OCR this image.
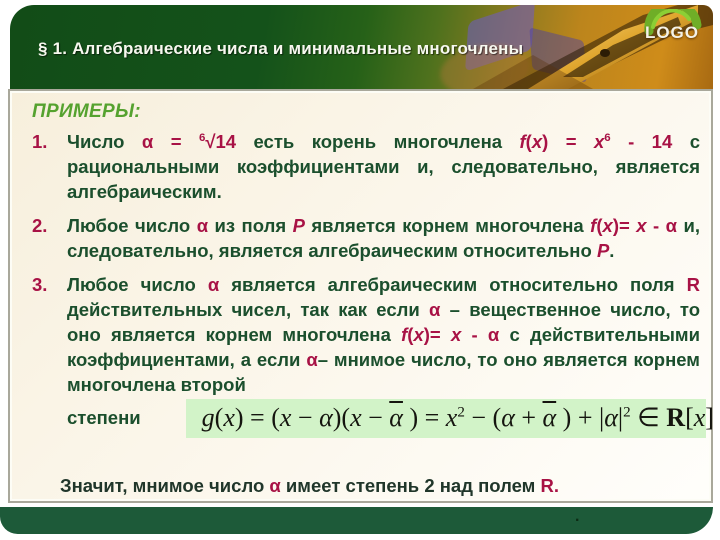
LOGO
§ 1. Алгебраические числа и минимальные многочлены
ПРИМЕРЫ:
1. Число α = $^6$√14 есть корень многочлена $f(x) = x^6 - 14$ с рациональными коэффициентами и, следовательно, является алгебраическим.
2. Любое число α из поля P является корнем многочлена f(x)= x - α и, следовательно, является алгебраическим относительно P.
3. Любое число α является алгебраическим относительно поля R действительных чисел, так как если α – вещественное число, то оно является корнем многочлена f(x)= x - α с действительными коэффициентами, а если α– мнимое число, то оно является корнем многочлена второй
степени	$g(x) = (x - \alpha)(x - \overline{\alpha}$ ) = $x^2 - (\alpha + \overline{\alpha}$ ) + $|\alpha|^2$ ∈ R[x]
Значит, мнимое число α имеет степень 2 над полем R.
.
